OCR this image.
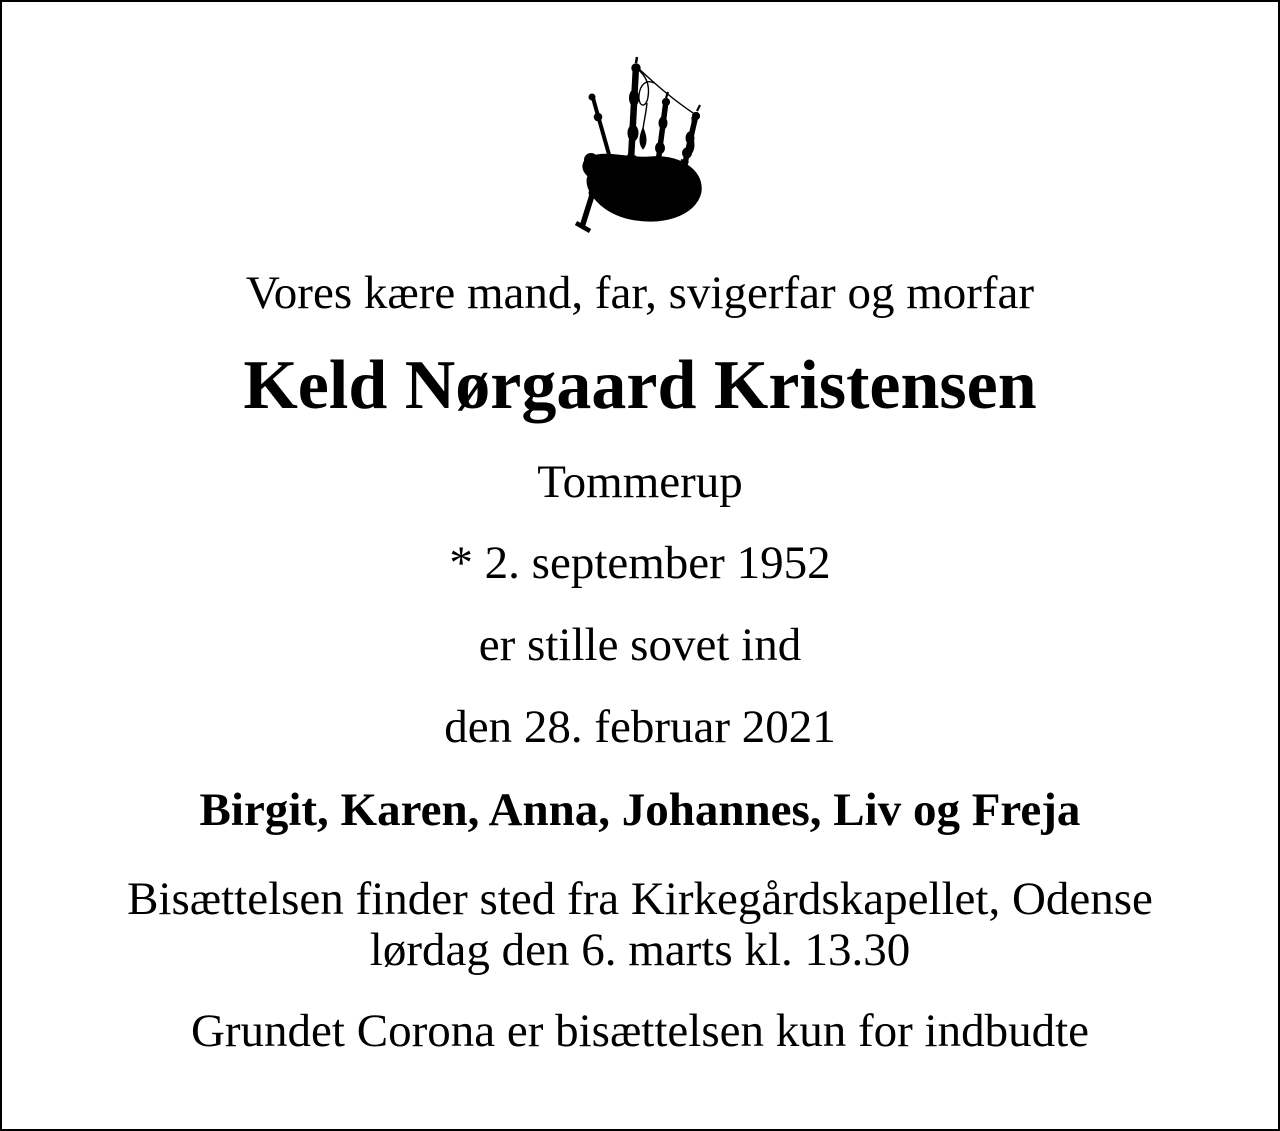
Vores kære mand, far, svigerfar og morfar

Keld Nørgaard Kristensen

Tommerup

* 2. september 1952

er stille sovet ind

den 28. februar 2021

Birgit, Karen, Anna, Johannes, Liv og Freja

Bisættelsen finder sted fra Kirkegårdskapellet, Odense
lørdag den 6. marts kl. 13.30

Grundet Corona er bisættelsen kun for indbudte
